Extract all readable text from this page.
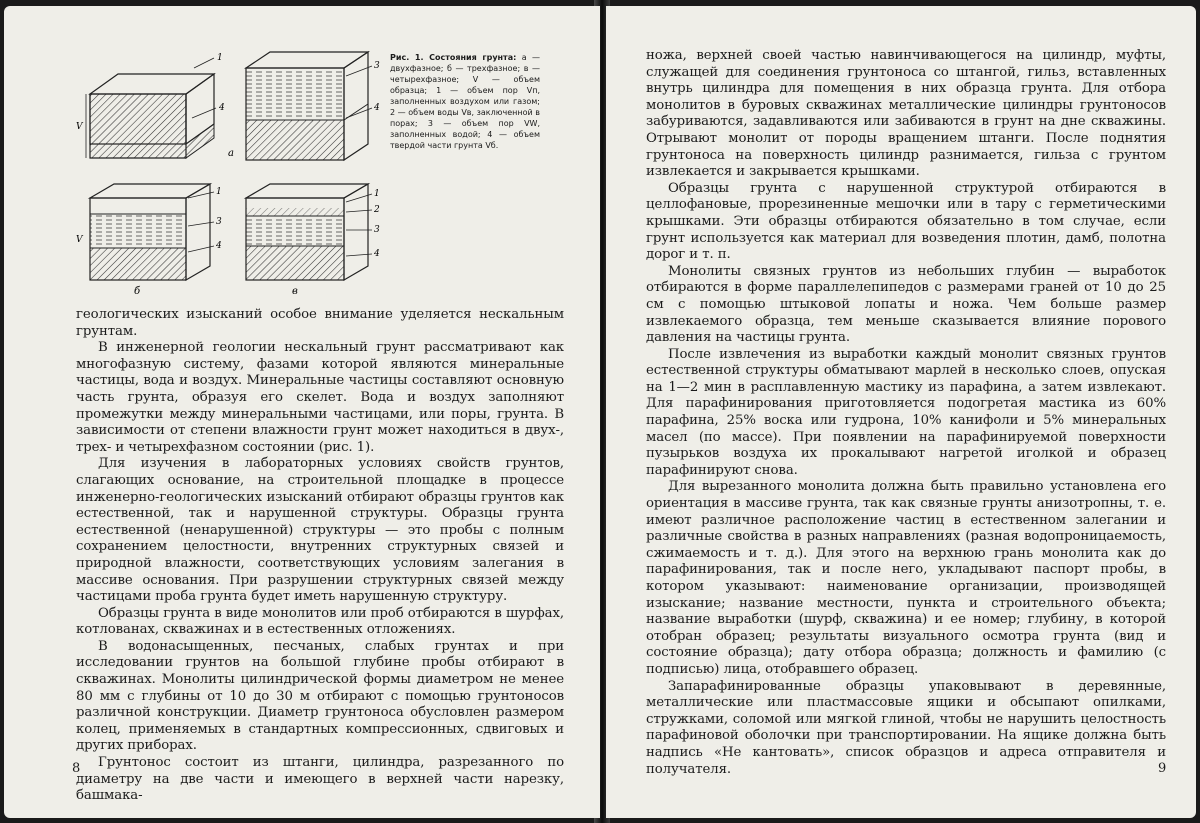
1
4
V
3
4
а
1
3
4
V
б
1
2
3
4
в
Рис. 1. Состояния грунта: а — двухфазное; б — трехфазное; в — четырехфазное; V — объем образца; 1 — объем пор Vп, заполненных воздухом или газом; 2 — объем воды Vв, заключенной в порах; 3 — объем пор VW, заполненных водой; 4 — объем твердой части грунта Vб.

геологических изысканий особое внимание уделяется нескальным грунтам.

В инженерной геологии нескальный грунт рассматривают как многофазную систему, фазами которой являются минеральные частицы, вода и воздух. Минеральные частицы составляют основную часть грунта, образуя его скелет. Вода и воздух заполняют промежутки между минеральными частицами, или поры, грунта. В зависимости от степени влажности грунт может находиться в двух-, трех- и четырехфазном состоянии (рис. 1).

Для изучения в лабораторных условиях свойств грунтов, слагающих основание, на строительной площадке в процессе инженерно-геологических изысканий отбирают образцы грунтов как естественной, так и нарушенной структуры. Образцы грунта естественной (ненарушенной) структуры — это пробы с полным сохранением целостности, внутренних структурных связей и природной влажности, соответствующих условиям залегания в массиве основания. При разрушении структурных связей между частицами проба грунта будет иметь нарушенную структуру.

Образцы грунта в виде монолитов или проб отбираются в шурфах, котлованах, скважинах и в естественных отложениях.

В водонасыщенных, песчаных, слабых грунтах и при исследовании грунтов на большой глубине пробы отбирают в скважинах. Монолиты цилиндрической формы диаметром не менее 80 мм с глубины от 10 до 30 м отбирают с помощью грунтоносов различной конструкции. Диаметр грунтоноса обусловлен размером колец, применяемых в стандартных компрессионных, сдвиговых и других приборах.

Грунтонос состоит из штанги, цилиндра, разрезанного по диаметру на две части и имеющего в верхней части нарезку, башмака-

8

ножа, верхней своей частью навинчивающегося на цилиндр, муфты, служащей для соединения грунтоноса со штангой, гильз, вставленных внутрь цилиндра для помещения в них образца грунта. Для отбора монолитов в буровых скважинах металлические цилиндры грунтоносов забуриваются, задавливаются или забиваются в грунт на дне скважины. Отрывают монолит от породы вращением штанги. После поднятия грунтоноса на поверхность цилиндр разнимается, гильза с грунтом извлекается и закрывается крышками.

Образцы грунта с нарушенной структурой отбираются в целлофановые, прорезиненные мешочки или в тару с герметическими крышками. Эти образцы отбираются обязательно в том случае, если грунт используется как материал для возведения плотин, дамб, полотна дорог и т. п.

Монолиты связных грунтов из небольших глубин — выработок отбираются в форме параллелепипедов с размерами граней от 10 до 25 см с помощью штыковой лопаты и ножа. Чем больше размер извлекаемого образца, тем меньше сказывается влияние порового давления на частицы грунта.

После извлечения из выработки каждый монолит связных грунтов естественной структуры обматывают марлей в несколько слоев, опуская на 1—2 мин в расплавленную мастику из парафина, а затем извлекают. Для парафинирования приготовляется подогретая мастика из 60% парафина, 25% воска или гудрона, 10% канифоли и 5% минеральных масел (по массе). При появлении на парафинируемой поверхности пузырьков воздуха их прокалывают нагретой иголкой и образец парафинируют снова.

Для вырезанного монолита должна быть правильно установлена его ориентация в массиве грунта, так как связные грунты анизотропны, т. е. имеют различное расположение частиц в естественном залегании и различные свойства в разных направлениях (разная водопроницаемость, сжимаемость и т. д.). Для этого на верхнюю грань монолита как до парафинирования, так и после него, укладывают паспорт пробы, в котором указывают: наименование организации, производящей изыскание; название местности, пункта и строительного объекта; название выработки (шурф, скважина) и ее номер; глубину, в которой отобран образец; результаты визуального осмотра грунта (вид и состояние образца); дату отбора образца; должность и фамилию (с подписью) лица, отобравшего образец.

Запарафинированные образцы упаковывают в деревянные, металлические или пластмассовые ящики и обсыпают опилками, стружками, соломой или мягкой глиной, чтобы не нарушить целостность парафиновой оболочки при транспортировании. На ящике должна быть надпись «Не кантовать», список образцов и адреса отправителя и получателя.	9
